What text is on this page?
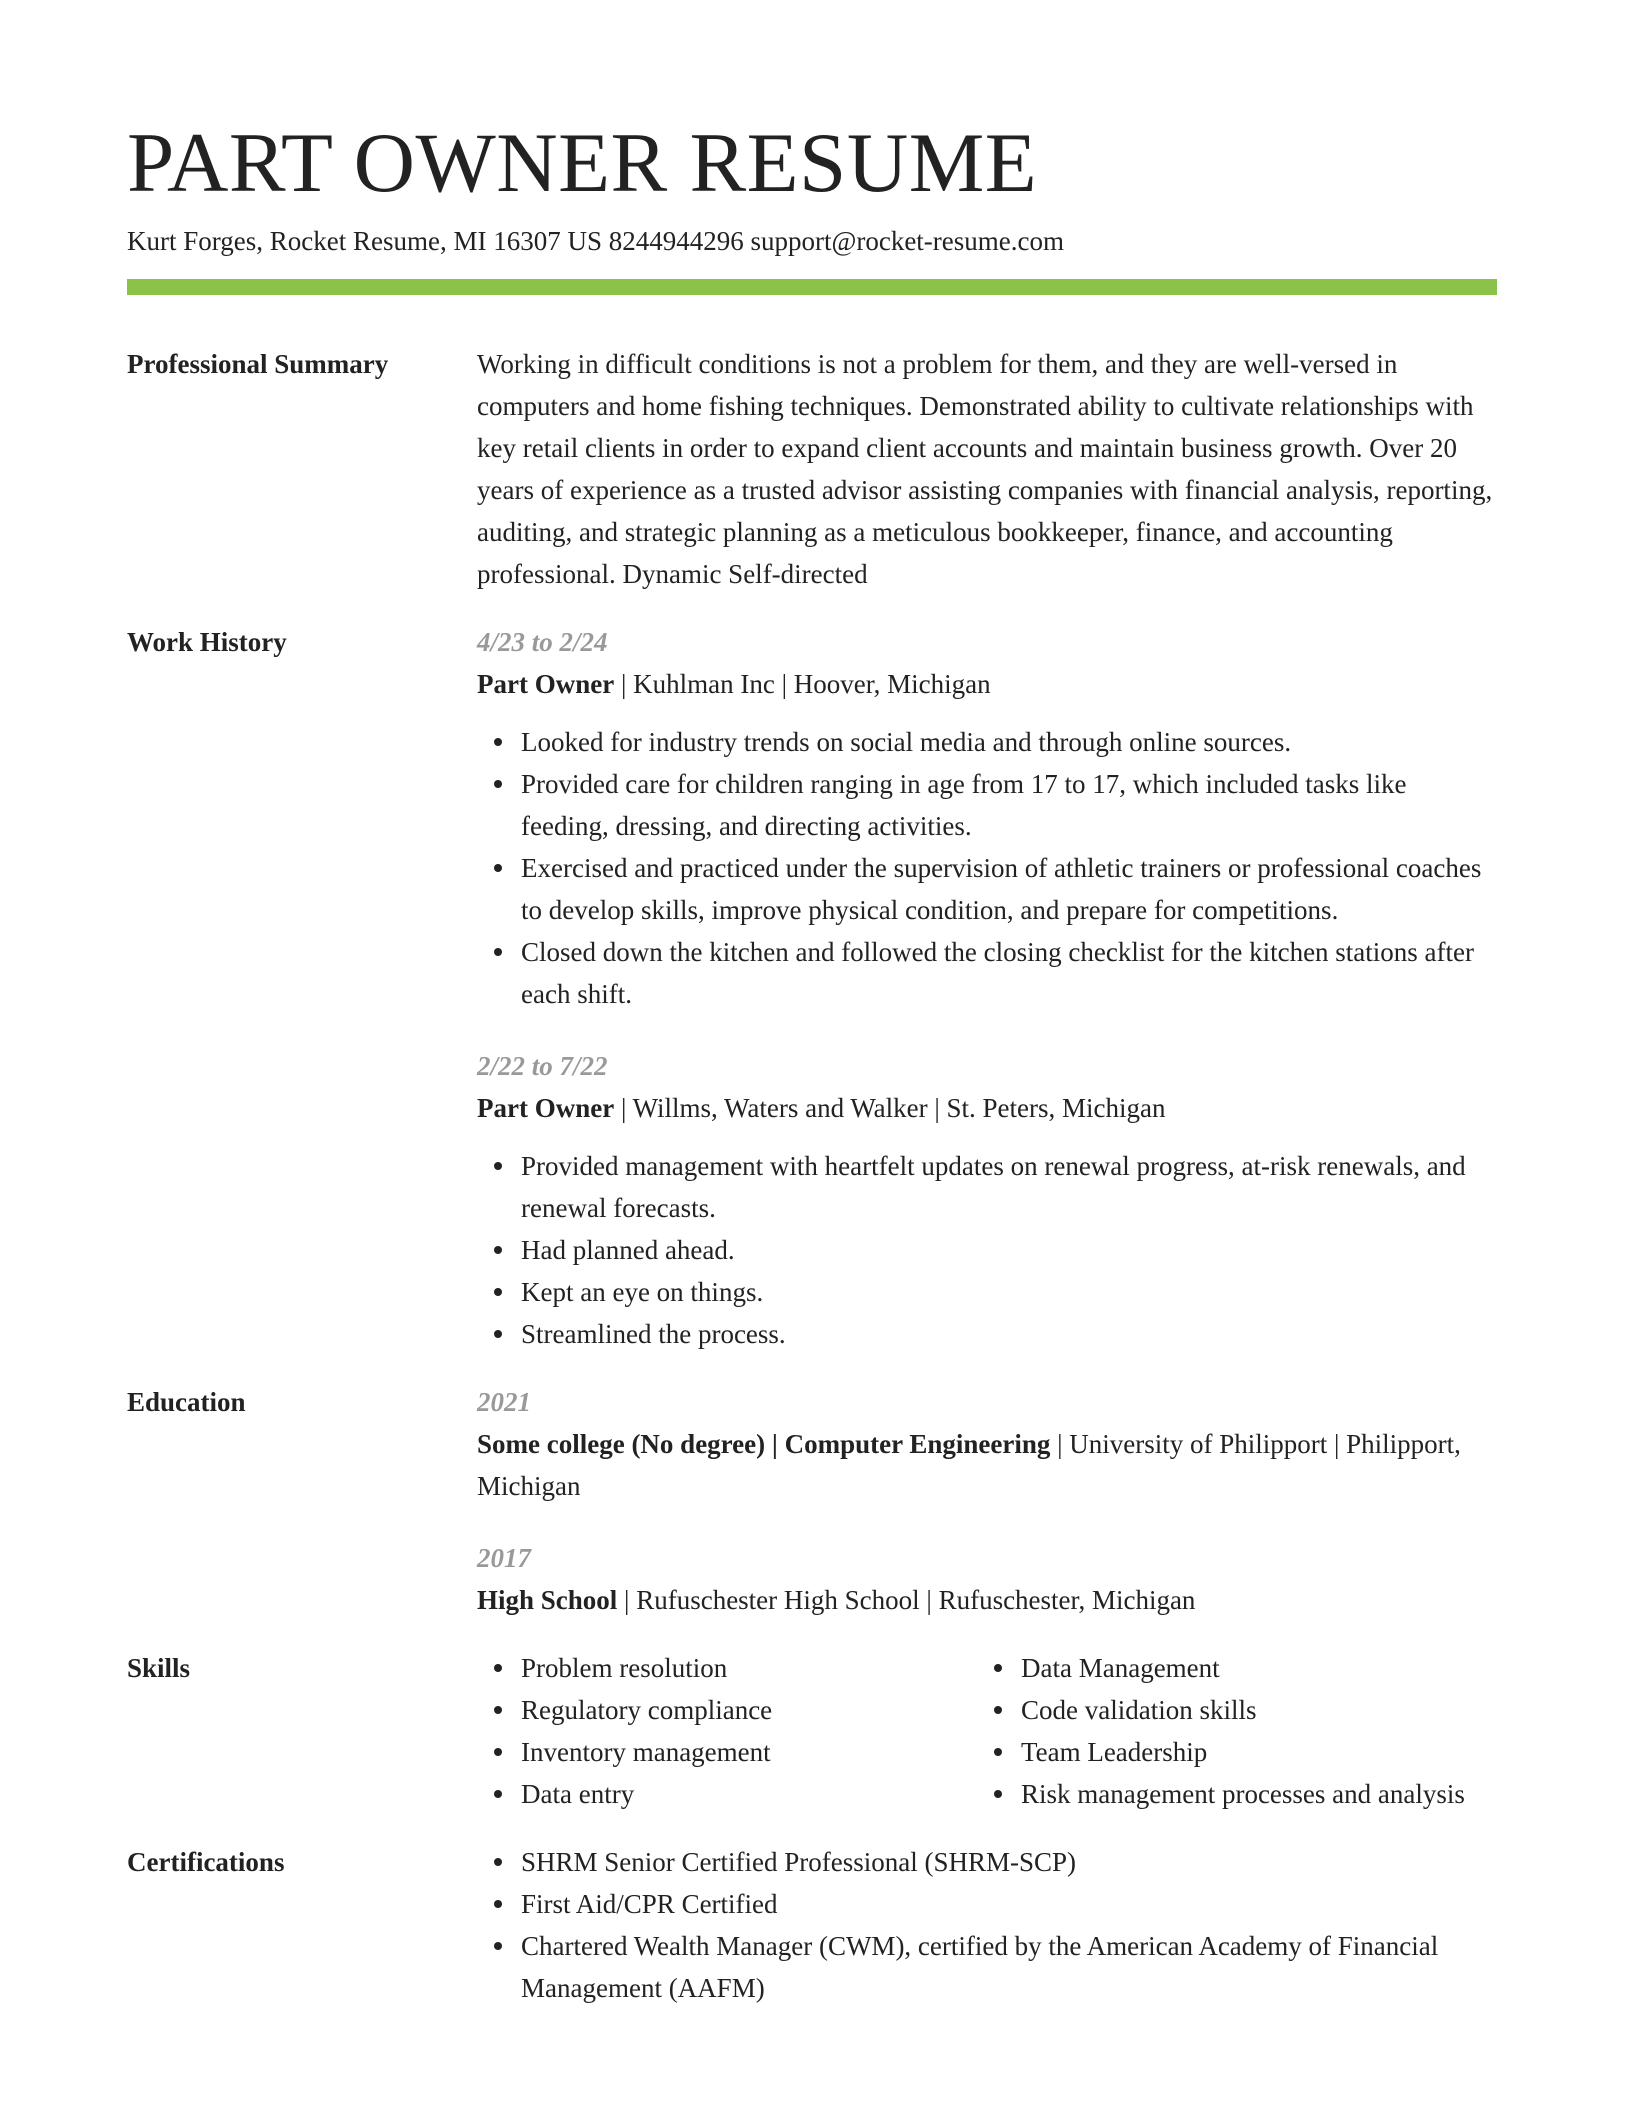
PART OWNER RESUME
Kurt Forges, Rocket Resume, MI 16307 US 8244944296 support@rocket-resume.com
Professional Summary	Working in difficult conditions is not a problem for them, and they are well-versed in computers and home fishing techniques. Demonstrated ability to cultivate relationships with key retail clients in order to expand client accounts and maintain business growth. Over 20 years of experience as a trusted advisor assisting companies with financial analysis, reporting, auditing, and strategic planning as a meticulous bookkeeper, finance, and accounting professional. Dynamic Self-directed

Work History	4/23 to 2/24
Part Owner | Kuhlman Inc | Hoover, Michigan
Looked for industry trends on social media and through online sources.
Provided care for children ranging in age from 17 to 17, which included tasks like feeding, dressing, and directing activities.
Exercised and practiced under the supervision of athletic trainers or professional coaches to develop skills, improve physical condition, and prepare for competitions.
Closed down the kitchen and followed the closing checklist for the kitchen stations after each shift.
2/22 to 7/22
Part Owner | Willms, Waters and Walker | St. Peters, Michigan
Provided management with heartfelt updates on renewal progress, at-risk renewals, and renewal forecasts.
Had planned ahead.
Kept an eye on things.
Streamlined the process.
Education	2021
Some college (No degree) | Computer Engineering | University of Philipport | Philipport, Michigan
2017
High School | Rufuschester High School | Rufuschester, Michigan
Skills	Problem resolution
Regulatory compliance
Inventory management
Data entry
Data Management
Code validation skills
Team Leadership
Risk management processes and analysis
Certifications	SHRM Senior Certified Professional (SHRM-SCP)
First Aid/CPR Certified
Chartered Wealth Manager (CWM), certified by the American Academy of Financial Management (AAFM)
